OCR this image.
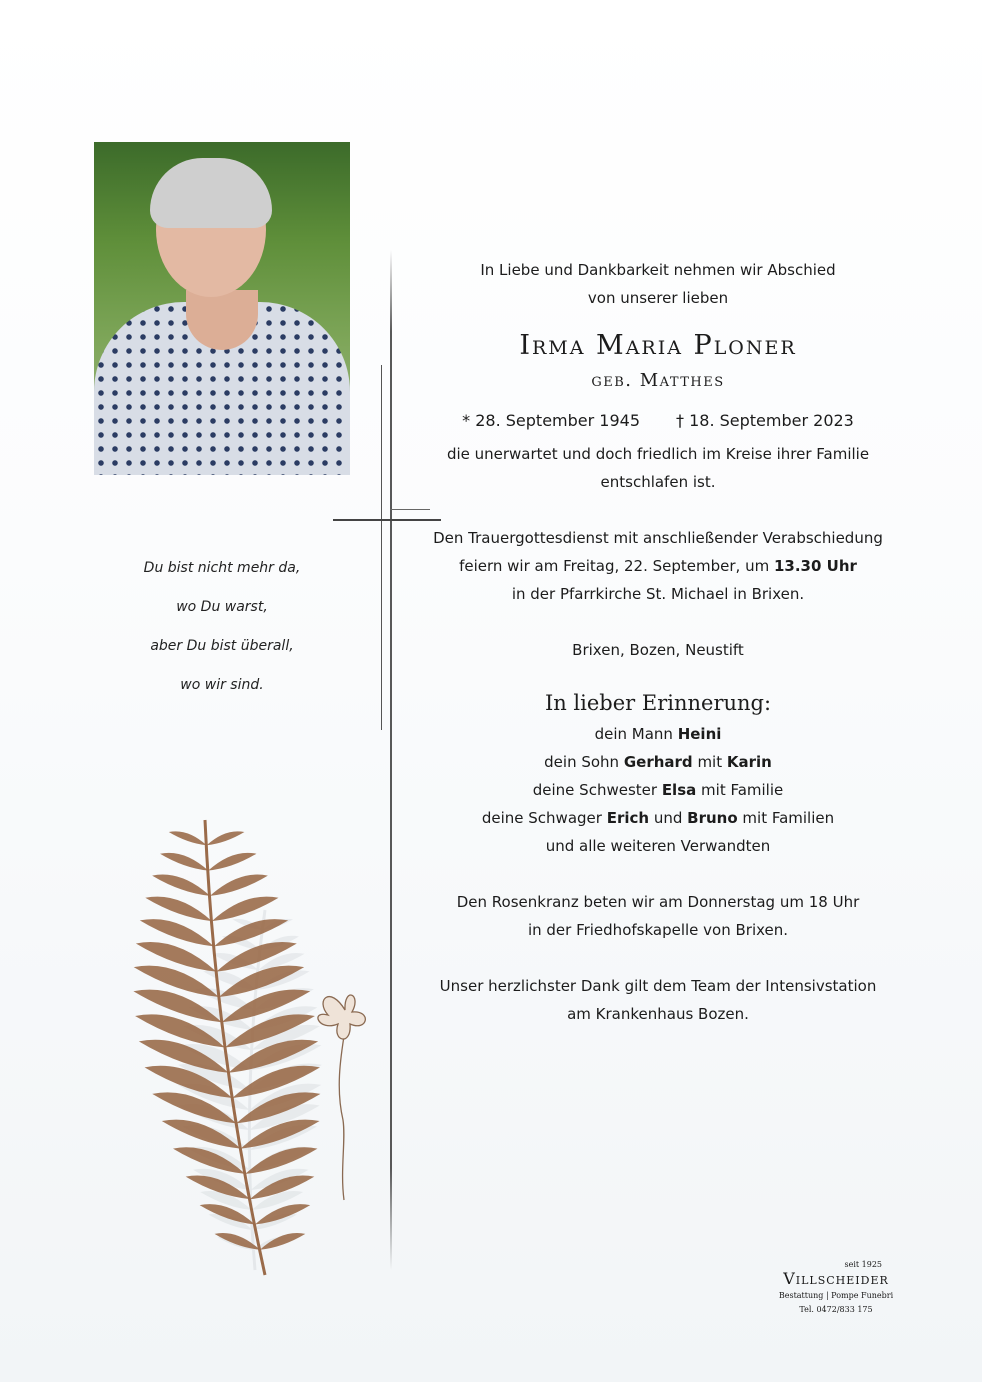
Du bist nicht mehr da,
wo Du warst,
aber Du bist überall,
wo wir sind.
In Liebe und Dankbarkeit nehmen wir Abschied
von unserer lieben
Irma Maria Ploner
geb. Matthes
* 28. September 1945 † 18. September 2023
die unerwartet und doch friedlich im Kreise ihrer Familie
entschlafen ist.
Den Trauergottesdienst mit anschließender Verabschiedung
feiern wir am Freitag, 22. September, um 13.30 Uhr
in der Pfarrkirche St. Michael in Brixen.
Brixen, Bozen, Neustift
In lieber Erinnerung:
dein Mann Heini
dein Sohn Gerhard mit Karin
deine Schwester Elsa mit Familie
deine Schwager Erich und Bruno mit Familien
und alle weiteren Verwandten
Den Rosenkranz beten wir am Donnerstag um 18 Uhr
in der Friedhofskapelle von Brixen.
Unser herzlichster Dank gilt dem Team der Intensivstation
am Krankenhaus Bozen.
seit 1925
Villscheider
Bestattung | Pompe Funebri
Tel. 0472/833 175
